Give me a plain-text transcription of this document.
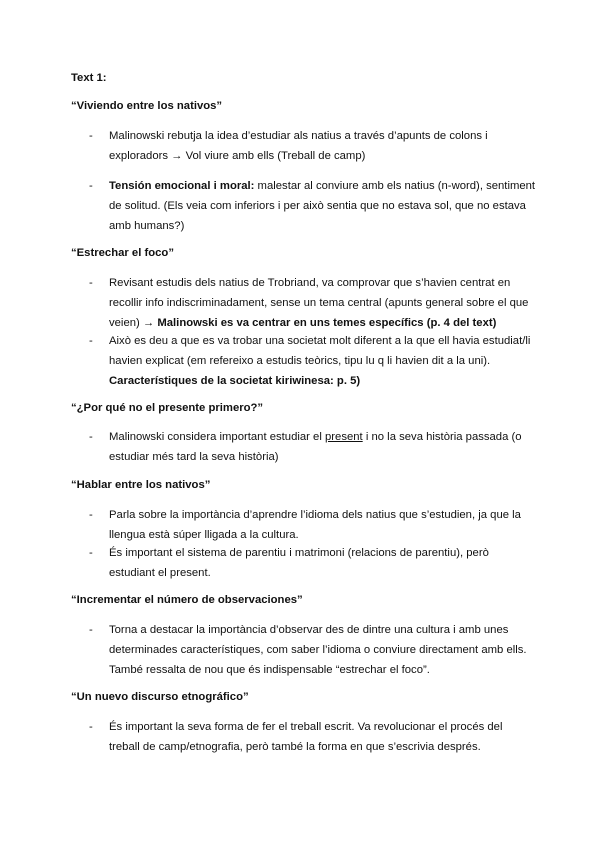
Text 1:
“Viviendo entre los nativos”
-	Malinowski rebutja la idea d’estudiar als natius a través d’apunts de colons i
exploradors → Vol viure amb ells (Treball de camp)
-	Tensión emocional i moral: malestar al conviure amb els natius (n-word), sentiment
de solitud. (Els veia com inferiors i per això sentia que no estava sol, que no estava
amb humans?)
“Estrechar el foco”
-	Revisant estudis dels natius de Trobriand, va comprovar que s’havien centrat en
recollir info indiscriminadament, sense un tema central (apunts general sobre el que
veien) → Malinowski es va centrar en uns temes específics (p. 4 del text)
-	Això es deu a que es va trobar una societat molt diferent a la que ell havia estudiat/li
havien explicat (em refereixo a estudis teòrics, tipu lu q li havien dit a la uni).
Característiques de la societat kiriwinesa: p. 5)
“¿Por qué no el presente primero?”
-	Malinowski considera important estudiar el present i no la seva història passada (o
estudiar més tard la seva història)
“Hablar entre los nativos”
-	Parla sobre la importància d’aprendre l’idioma dels natius que s’estudien, ja que la
llengua està súper lligada a la cultura.
-	És important el sistema de parentiu i matrimoni (relacions de parentiu), però
estudiant el present.
“Incrementar el número de observaciones”
-	Torna a destacar la importància d’observar des de dintre una cultura i amb unes
determinades característiques, com saber l’idioma o conviure directament amb ells.
També ressalta de nou que és indispensable “estrechar el foco”.
“Un nuevo discurso etnográfico”
-	És important la seva forma de fer el treball escrit. Va revolucionar el procés del
treball de camp/etnografia, però també la forma en que s’escrivia després.
